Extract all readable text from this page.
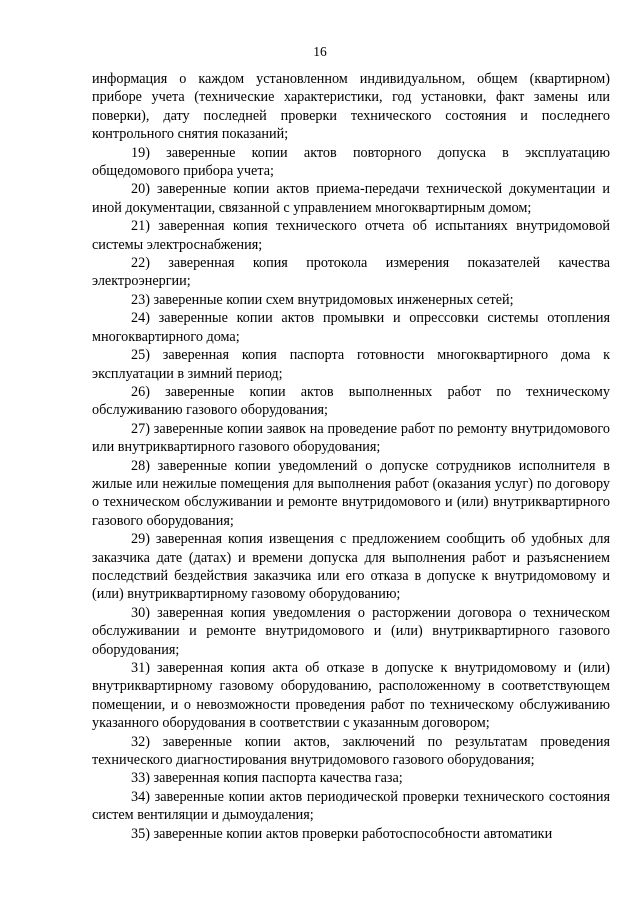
16

информация о каждом установленном индивидуальном, общем (квартирном) приборе учета (технические характеристики, год установки, факт замены или поверки), дату последней проверки технического состояния и последнего контрольного снятия показаний;

19) заверенные копии актов повторного допуска в эксплуатацию общедомового прибора учета;

20) заверенные копии актов приема-передачи технической документации и иной документации, связанной с управлением многоквартирным домом;

21) заверенная копия технического отчета об испытаниях внутридомовой системы электроснабжения;

22) заверенная копия протокола измерения показателей качества электроэнергии;

23) заверенные копии схем внутридомовых инженерных сетей;

24) заверенные копии актов промывки и опрессовки системы отопления многоквартирного дома;

25) заверенная копия паспорта готовности многоквартирного дома к эксплуатации в зимний период;

26) заверенные копии актов выполненных работ по техническому обслуживанию газового оборудования;

27) заверенные копии заявок на проведение работ по ремонту внутридомового или внутриквартирного газового оборудования;

28) заверенные копии уведомлений о допуске сотрудников исполнителя в жилые или нежилые помещения для выполнения работ (оказания услуг) по договору о техническом обслуживании и ремонте внутридомового и (или) внутриквартирного газового оборудования;

29) заверенная копия извещения с предложением сообщить об удобных для заказчика дате (датах) и времени допуска для выполнения работ и разъяснением последствий бездействия заказчика или его отказа в допуске к внутридомовому и (или) внутриквартирному газовому оборудованию;

30) заверенная копия уведомления о расторжении договора о техническом обслуживании и ремонте внутридомового и (или) внутриквартирного газового оборудования;

31) заверенная копия акта об отказе в допуске к внутридомовому и (или) внутриквартирному газовому оборудованию, расположенному в соответствующем помещении, и о невозможности проведения работ по техническому обслуживанию указанного оборудования в соответствии с указанным договором;

32) заверенные копии актов, заключений по результатам проведения технического диагностирования внутридомового газового оборудования;

33) заверенная копия паспорта качества газа;

34) заверенные копии актов периодической проверки технического состояния систем вентиляции и дымоудаления;

35) заверенные копии актов проверки работоспособности автоматики
